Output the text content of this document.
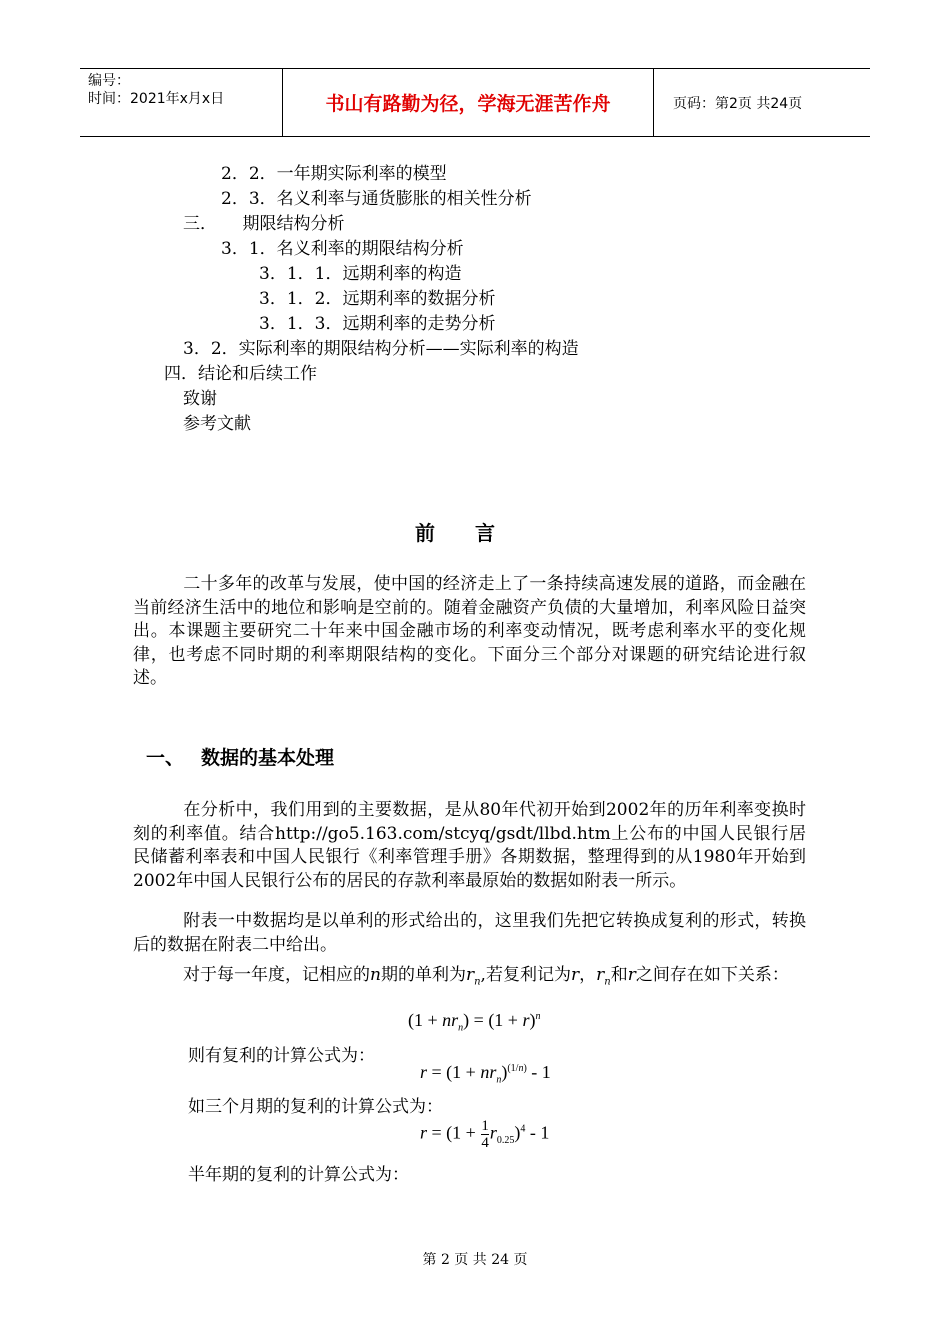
编号：
时间：2021年x月x日	书山有路勤为径，学海无涯苦作舟	页码：第2页 共24页
2．2．一年期实际利率的模型
2．3．名义利率与通货膨胀的相关性分析
三．　　期限结构分析
3．1．名义利率的期限结构分析
3．1．1．远期利率的构造
3．1．2．远期利率的数据分析
3．1．3．远期利率的走势分析
3．2．实际利率的期限结构分析——实际利率的构造
四．结论和后续工作
致谢
参考文献
前言
二十多年的改革与发展，使中国的经济走上了一条持续高速发展的道路，而金融在当前经济生活中的地位和影响是空前的。随着金融资产负债的大量增加，利率风险日益突出。本课题主要研究二十年来中国金融市场的利率变动情况，既考虑利率水平的变化规律，也考虑不同时期的利率期限结构的变化。下面分三个部分对课题的研究结论进行叙述。
一、 数据的基本处理
在分析中，我们用到的主要数据，是从80年代初开始到2002年的历年利率变换时刻的利率值。结合http://go5.163.com/stcyq/gsdt/llbd.htm上公布的中国人民银行居民储蓄利率表和中国人民银行《利率管理手册》各期数据，整理得到的从1980年开始到2002年中国人民银行公布的居民的存款利率最原始的数据如附表一所示。
附表一中数据均是以单利的形式给出的，这里我们先把它转换成复利的形式，转换后的数据在附表二中给出。
对于每一年度，记相应的n期的单利为$r_n$,若复利记为r，$r_n$和r之间存在如下关系：
$(1 + nr_n) = (1 + r)^n$
则有复利的计算公式为：
$r = (1 + nr_n)^{(1/n)} - 1$
如三个月期的复利的计算公式为：
$r = (1 + \frac{1}{4} r_{0.25})^4 - 1$
半年期的复利的计算公式为：
第 2 页 共 24 页
